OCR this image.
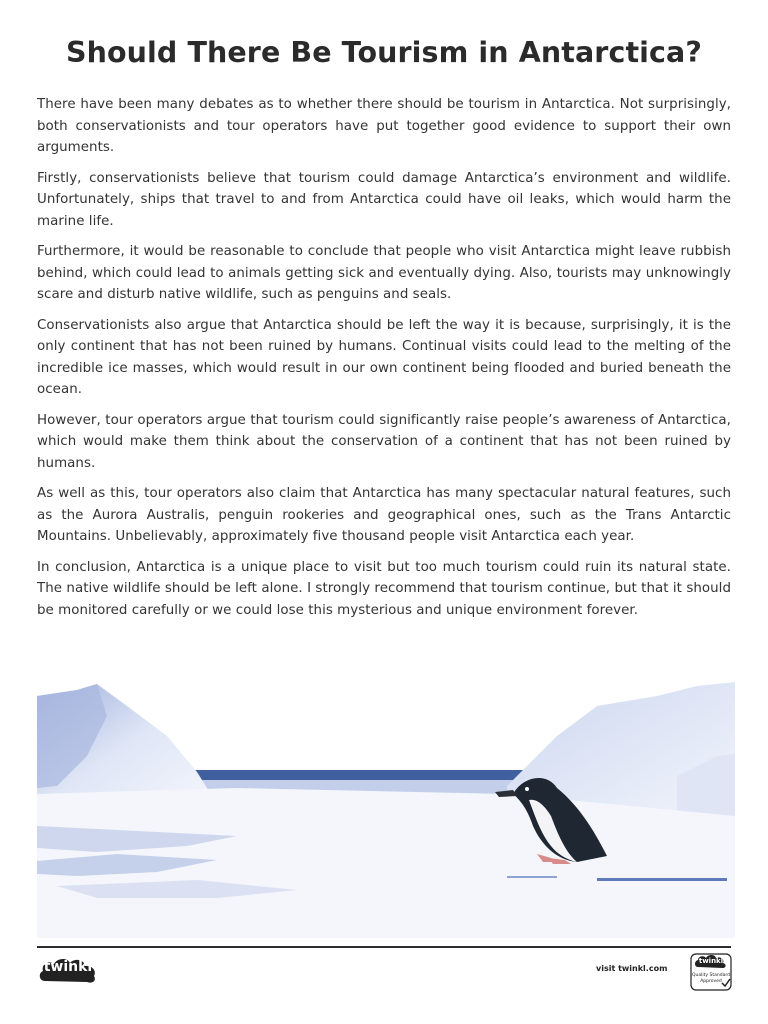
Should There Be Tourism in Antarctica?

There have been many debates as to whether there should be tourism in Antarctica. Not surprisingly, both conservationists and tour operators have put together good evidence to support their own arguments.

Firstly, conservationists believe that tourism could damage Antarctica’s environment and wildlife. Unfortunately, ships that travel to and from Antarctica could have oil leaks, which would harm the marine life.

Furthermore, it would be reasonable to conclude that people who visit Antarctica might leave rubbish behind, which could lead to animals getting sick and eventually dying. Also, tourists may unknowingly scare and disturb native wildlife, such as penguins and seals.

Conservationists also argue that Antarctica should be left the way it is because, surprisingly, it is the only continent that has not been ruined by humans. Continual visits could lead to the melting of the incredible ice masses, which would result in our own continent being flooded and buried beneath the ocean.

However, tour operators argue that tourism could significantly raise people’s awareness of Antarctica, which would make them think about the conservation of a continent that has not been ruined by humans.

As well as this, tour operators also claim that Antarctica has many spectacular natural features, such as the Aurora Australis, penguin rookeries and geographical ones, such as the Trans Antarctic Mountains. Unbelievably, approximately five thousand people visit Antarctica each year.

In conclusion, Antarctica is a unique place to visit but too much tourism could ruin its natural state. The native wildlife should be left alone. I strongly recommend that tourism continue, but that it should be monitored carefully or we could lose this mysterious and unique environment forever.

twinkl	visit twinkl.com
twinkl
Quality Standard
Approved
